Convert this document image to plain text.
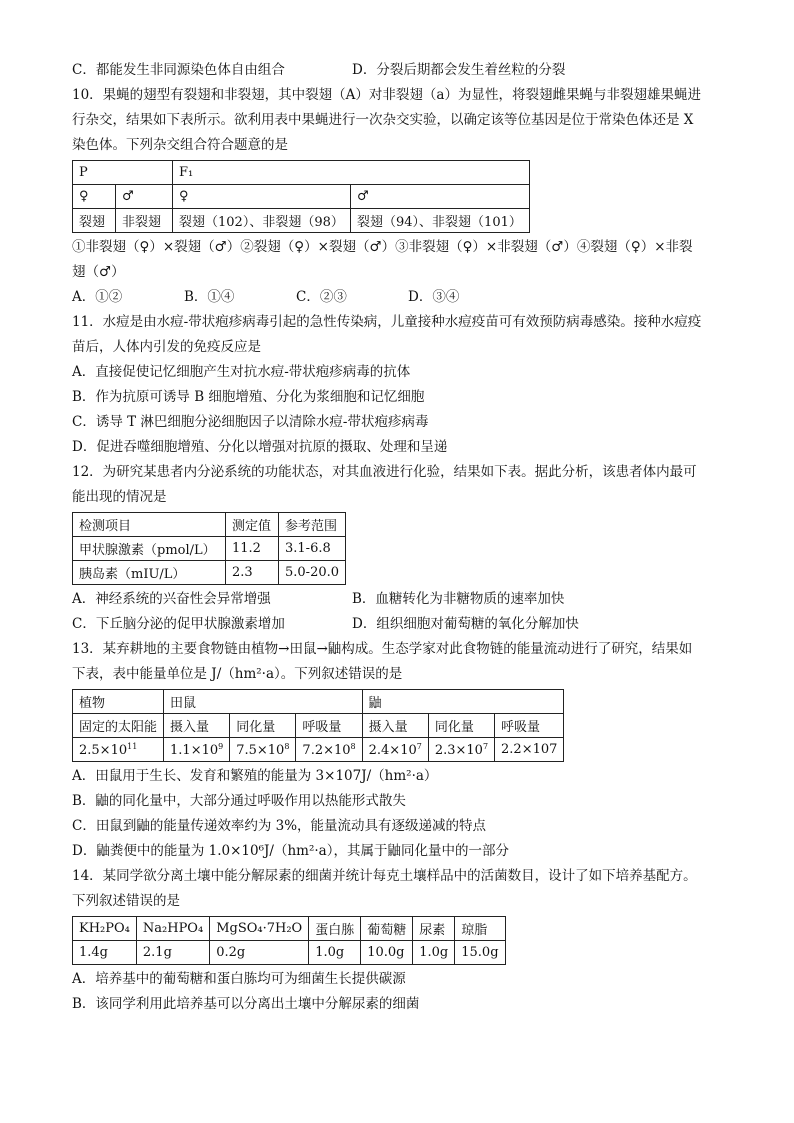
C．都能发生非同源染色体自由组合	D．分裂后期都会发生着丝粒的分裂
10．果蝇的翅型有裂翅和非裂翅，其中裂翅（A）对非裂翅（a）为显性，将裂翅雌果蝇与非裂翅雄果蝇进
行杂交，结果如下表所示。欲利用表中果蝇进行一次杂交实验，以确定该等位基因是位于常染色体还是 X
染色体。下列杂交组合符合题意的是
P		F₁	
♀	♂	♀	♂
裂翅	非裂翅	裂翅（102）、非裂翅（98）	裂翅（94）、非裂翅（101）
①非裂翅（♀）×裂翅（♂）②裂翅（♀）×裂翅（♂）③非裂翅（♀）×非裂翅（♂）④裂翅（♀）×非裂
翅（♂）
A．①②	B．①④	C．②③	D．③④
11．水痘是由水痘-带状疱疹病毒引起的急性传染病，儿童接种水痘疫苗可有效预防病毒感染。接种水痘疫
苗后，人体内引发的免疫反应是
A．直接促使记忆细胞产生对抗水痘-带状疱疹病毒的抗体
B．作为抗原可诱导 B 细胞增殖、分化为浆细胞和记忆细胞
C．诱导 T 淋巴细胞分泌细胞因子以清除水痘-带状疱疹病毒
D．促进吞噬细胞增殖、分化以增强对抗原的摄取、处理和呈递
12．为研究某患者内分泌系统的功能状态，对其血液进行化验，结果如下表。据此分析，该患者体内最可
能出现的情况是
检测项目	测定值	参考范围
甲状腺激素（pmol/L）	11.2	3.1-6.8
胰岛素（mIU/L）	2.3	5.0-20.0
A．神经系统的兴奋性会异常增强	B．血糖转化为非糖物质的速率加快
C．下丘脑分泌的促甲状腺激素增加	D．组织细胞对葡萄糖的氧化分解加快
13．某弃耕地的主要食物链由植物→田鼠→鼬构成。生态学家对此食物链的能量流动进行了研究，结果如
下表，表中能量单位是 J/（hm²·a）。下列叙述错误的是
植物	田鼠			鼬		
固定的太阳能	摄入量	同化量	呼吸量	摄入量	同化量	呼吸量
$2.5\times 10^{11}$	$1.1\times 10^9$	$7.5\times 10^8$	$7.2\times 10^8$	$2.4\times 10^7$	$2.3\times 10^7$	2.2×107
A．田鼠用于生长、发育和繁殖的能量为 3×107J/（hm²·a）
B．鼬的同化量中，大部分通过呼吸作用以热能形式散失
C．田鼠到鼬的能量传递效率约为 3%，能量流动具有逐级递减的特点
D．鼬粪便中的能量为 1.0×10⁶J/（hm²·a），其属于鼬同化量中的一部分
14．某同学欲分离土壤中能分解尿素的细菌并统计每克土壤样品中的活菌数目，设计了如下培养基配方。
下列叙述错误的是
KH₂PO₄	Na₂HPO₄	MgSO₄·7H₂O	蛋白胨	葡萄糖	尿素	琼脂
1.4g	2.1g	0.2g	1.0g	10.0g	1.0g	15.0g
A．培养基中的葡萄糖和蛋白胨均可为细菌生长提供碳源
B．该同学利用此培养基可以分离出土壤中分解尿素的细菌
